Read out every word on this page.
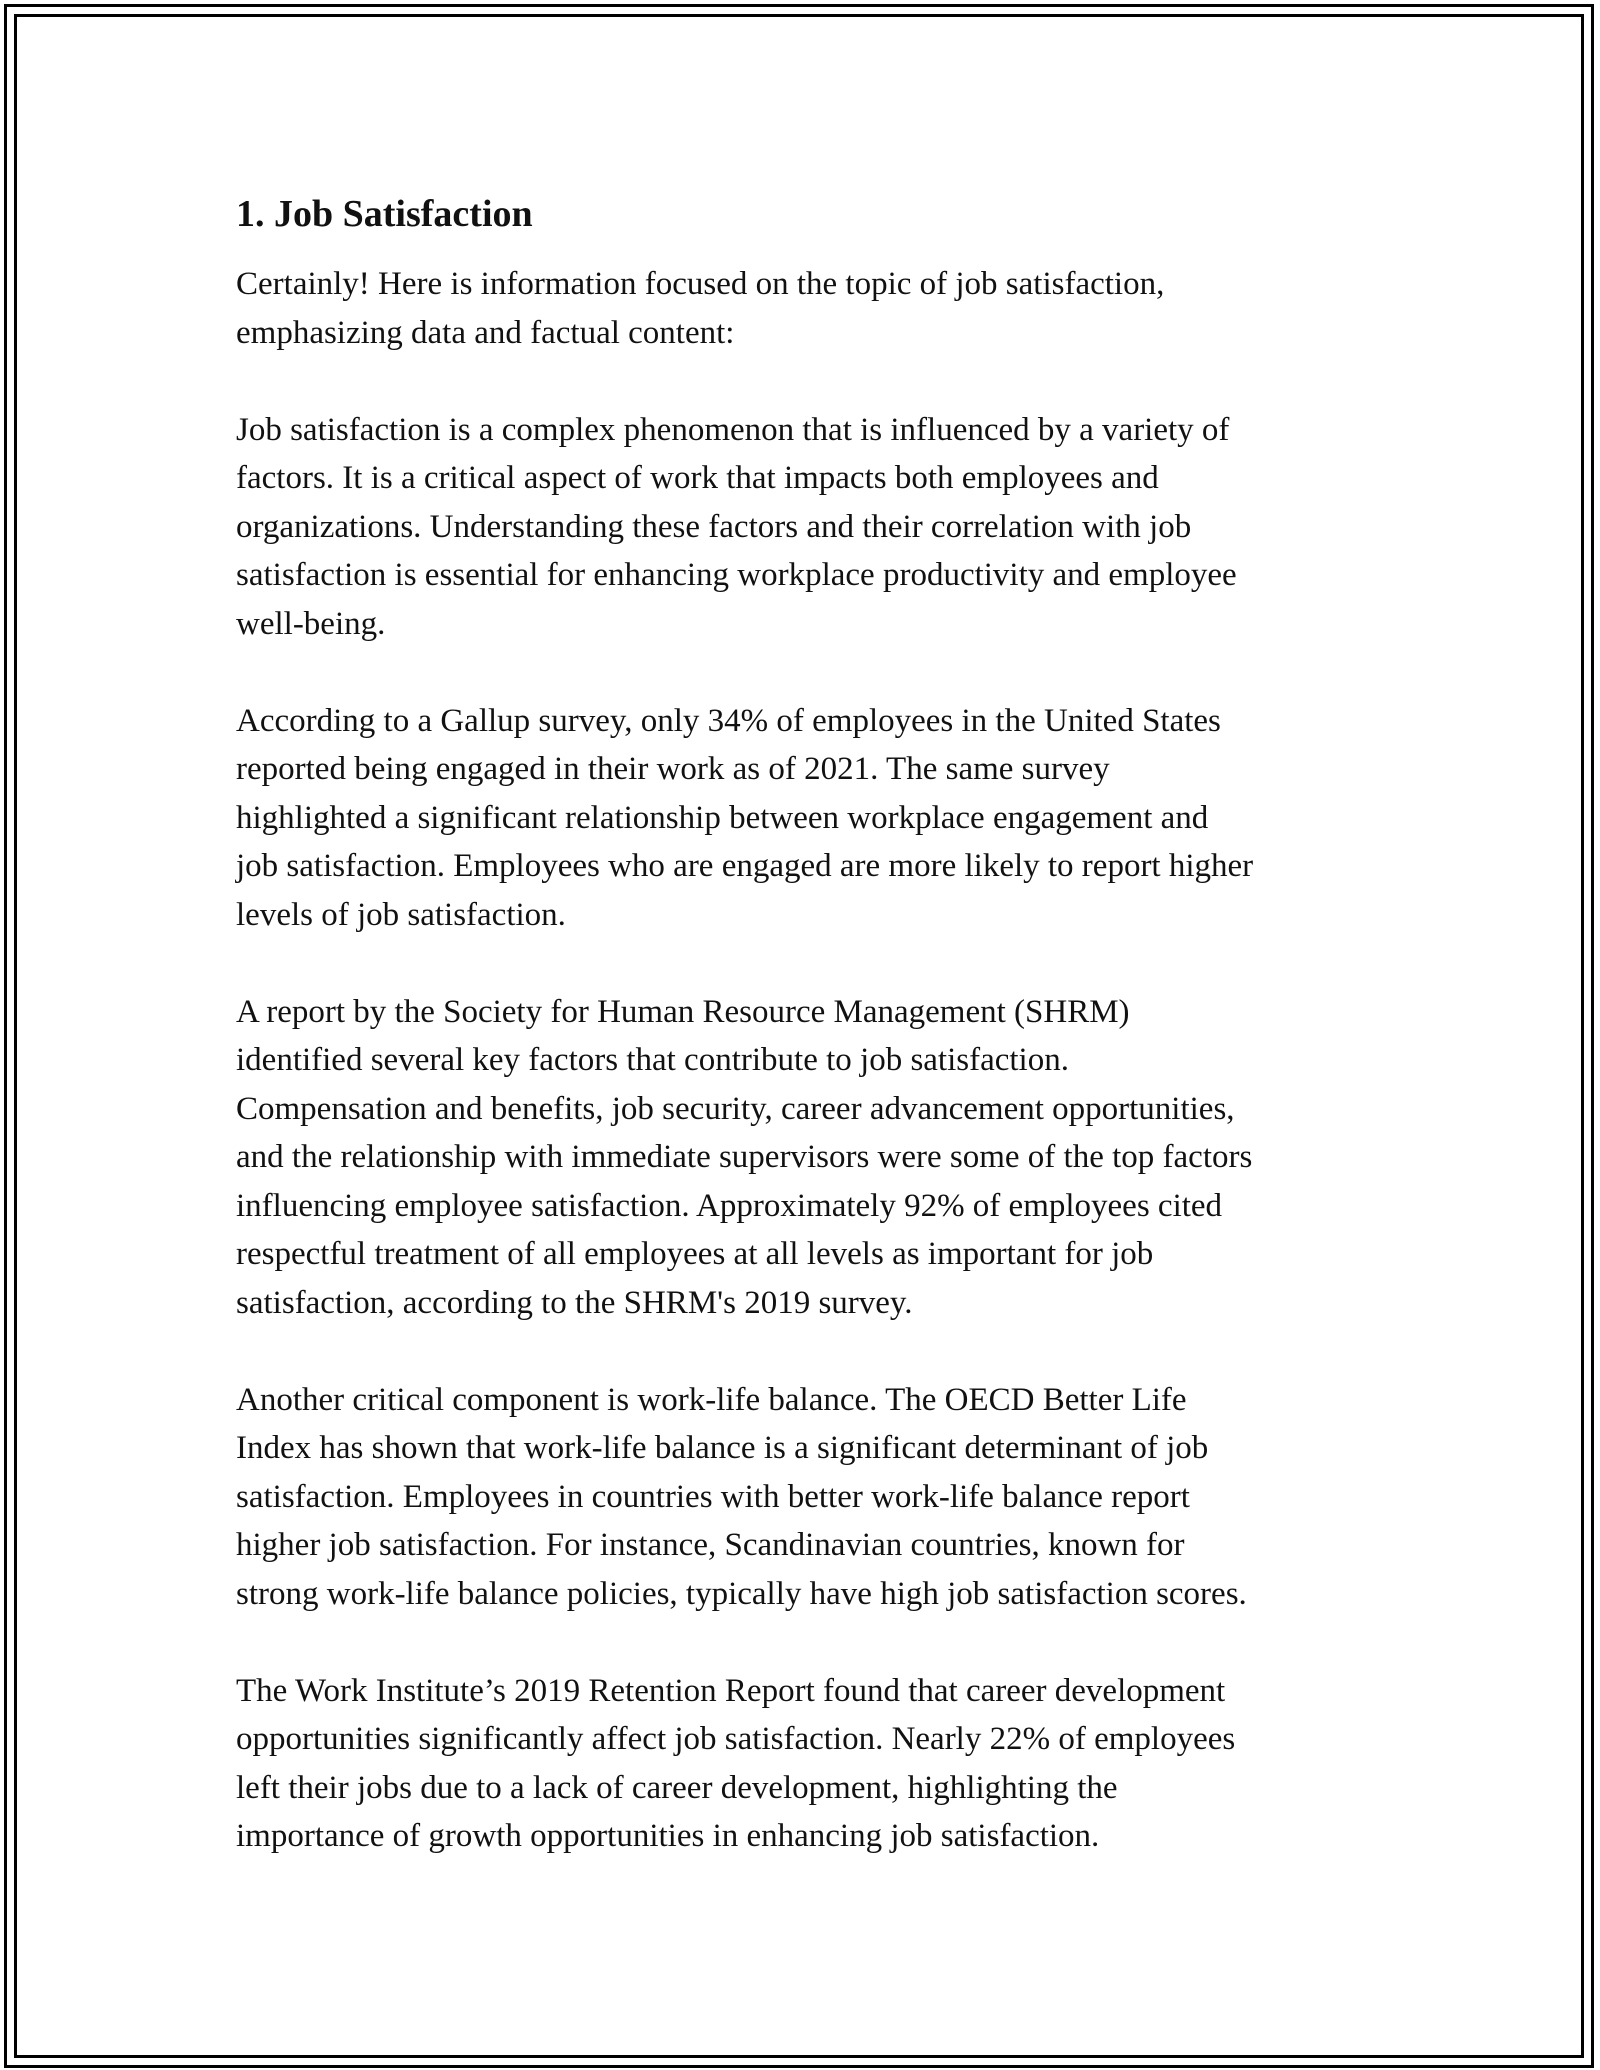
1. Job Satisfaction

Certainly! Here is information focused on the topic of job satisfaction,
emphasizing data and factual content:

Job satisfaction is a complex phenomenon that is influenced by a variety of
factors. It is a critical aspect of work that impacts both employees and
organizations. Understanding these factors and their correlation with job
satisfaction is essential for enhancing workplace productivity and employee
well-being.

According to a Gallup survey, only 34% of employees in the United States
reported being engaged in their work as of 2021. The same survey
highlighted a significant relationship between workplace engagement and
job satisfaction. Employees who are engaged are more likely to report higher
levels of job satisfaction.

A report by the Society for Human Resource Management (SHRM)
identified several key factors that contribute to job satisfaction.
Compensation and benefits, job security, career advancement opportunities,
and the relationship with immediate supervisors were some of the top factors
influencing employee satisfaction. Approximately 92% of employees cited
respectful treatment of all employees at all levels as important for job
satisfaction, according to the SHRM's 2019 survey.

Another critical component is work-life balance. The OECD Better Life
Index has shown that work-life balance is a significant determinant of job
satisfaction. Employees in countries with better work-life balance report
higher job satisfaction. For instance, Scandinavian countries, known for
strong work-life balance policies, typically have high job satisfaction scores.

The Work Institute’s 2019 Retention Report found that career development
opportunities significantly affect job satisfaction. Nearly 22% of employees
left their jobs due to a lack of career development, highlighting the
importance of growth opportunities in enhancing job satisfaction.
